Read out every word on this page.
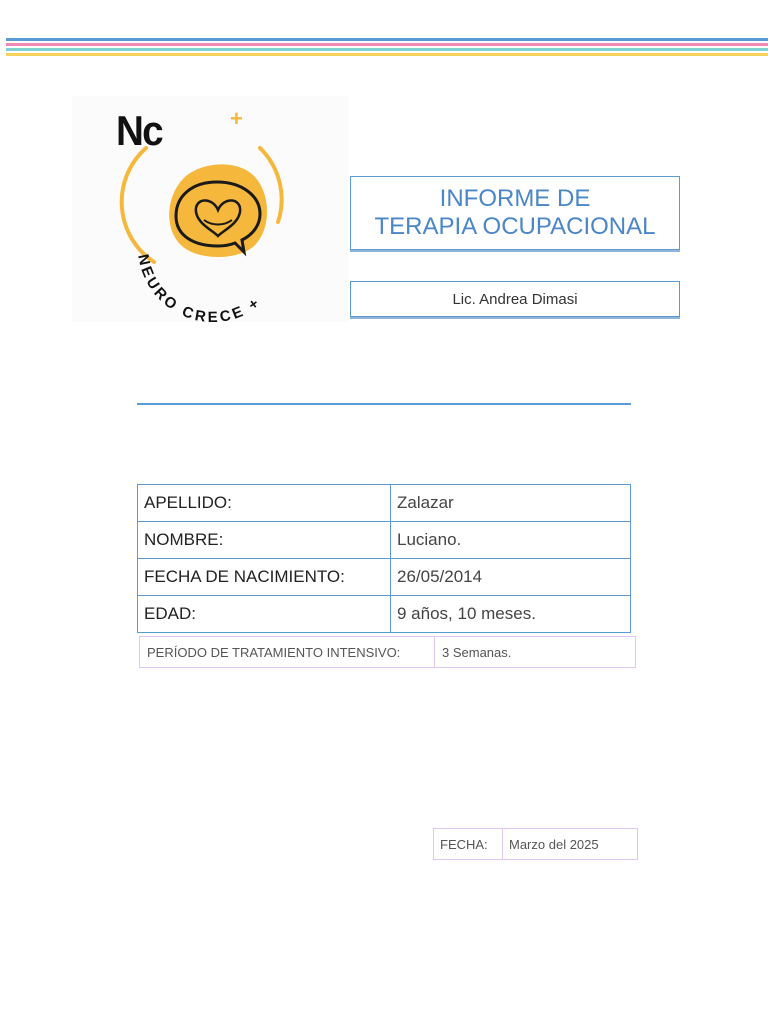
Nc	+
NEURO CRECE +
INFORME DE
TERAPIA OCUPACIONAL
Lic. Andrea Dimasi
APELLIDO:	Zalazar
NOMBRE:	Luciano.
FECHA DE NACIMIENTO:	26/05/2014
EDAD:	9 años, 10 meses.
PERÍODO DE TRATAMIENTO INTENSIVO:	3 Semanas.
FECHA:	Marzo del 2025
